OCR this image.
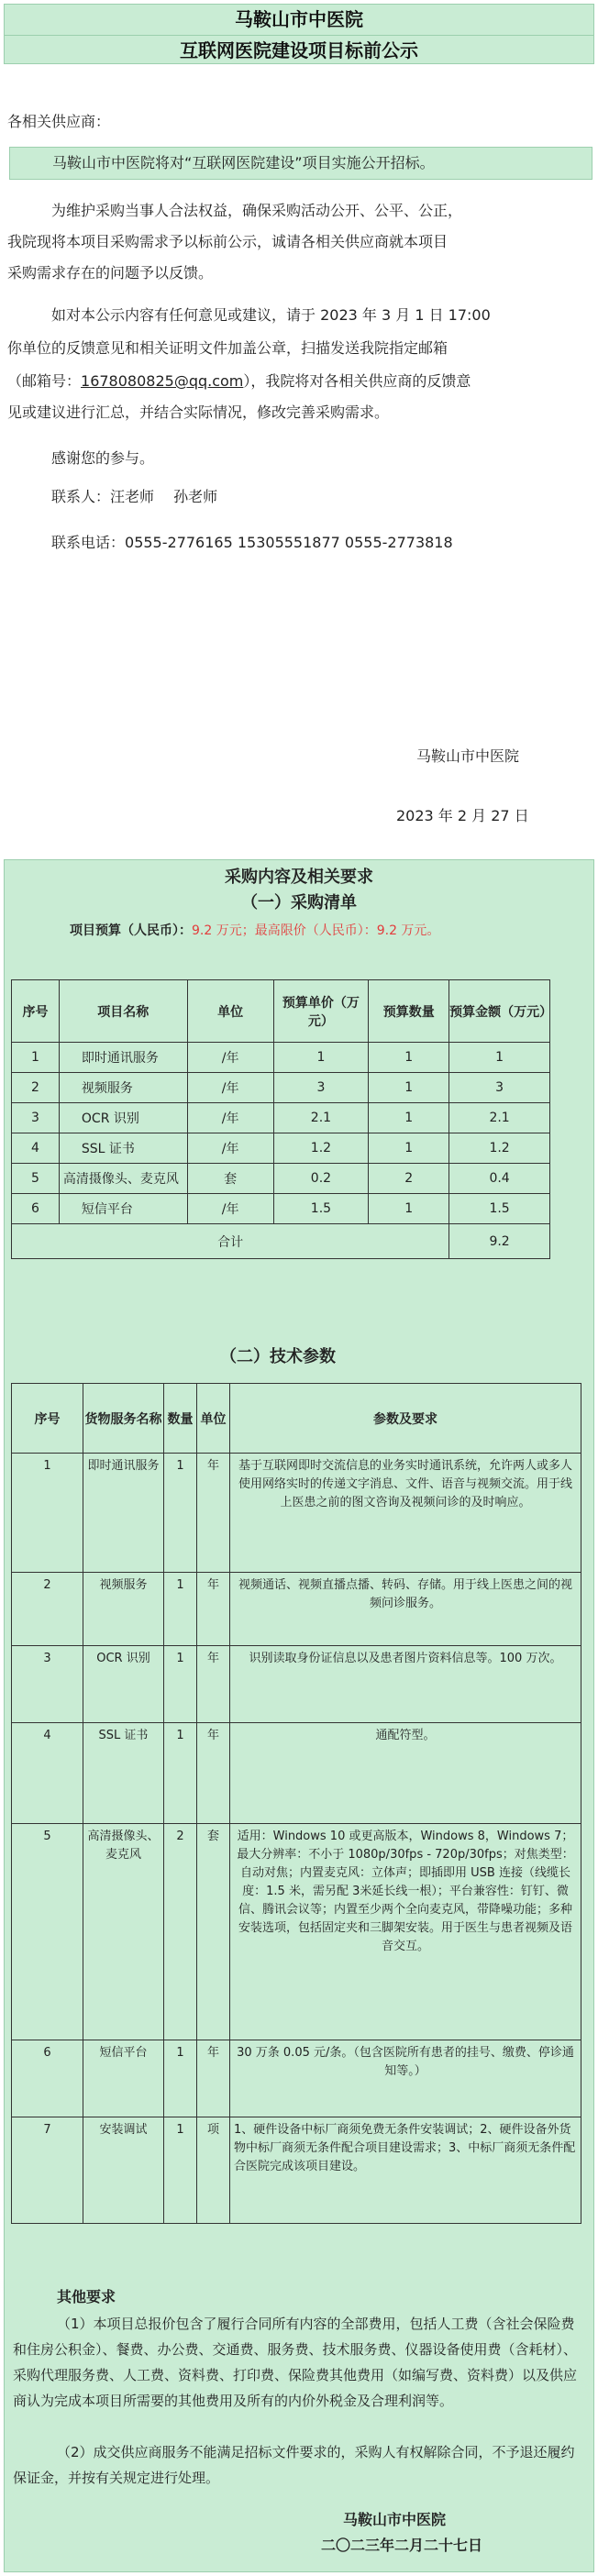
马鞍山市中医院
互联网医院建设项目标前公示
各相关供应商：
马鞍山市中医院将对“互联网医院建设”项目实施公开招标。
为维护采购当事人合法权益，确保采购活动公开、公平、公正，
我院现将本项目采购需求予以标前公示，诚请各相关供应商就本项目
采购需求存在的问题予以反馈。
如对本公示内容有任何意见或建议，请于 2023 年 3 月 1 日 17:00
你单位的反馈意见和相关证明文件加盖公章，扫描发送我院指定邮箱
（邮箱号：1678080825@qq.com），我院将对各相关供应商的反馈意
见或建议进行汇总，并结合实际情况，修改完善采购需求。
感谢您的参与。
联系人：汪老师　 孙老师
联系电话：0555-2776165 15305551877 0555-2773818
马鞍山市中医院
2023 年 2 月 27 日
采购内容及相关要求
（一）采购清单
项目预算（人民币）：9.2 万元；最高限价（人民币）：9.2 万元。
序号	项目名称	单位	预算单价（万元）	预算数量	预算金额（万元）
1	即时通讯服务	/年	1	1	1
2	视频服务	/年	3	1	3
3	OCR 识别	/年	2.1	1	2.1
4	SSL 证书	/年	1.2	1	1.2
5	高清摄像头、麦克风	套	0.2	2	0.4
6	短信平台	/年	1.5	1	1.5
合计					9.2
（二）技术参数
序号	货物服务名称	数量	单位	参数及要求
1	即时通讯服务	1	年	基于互联网即时交流信息的业务实时通讯系统，允许两人或多人使用网络实时的传递文字消息、文件、语音与视频交流。用于线上医患之前的图文咨询及视频问诊的及时响应。
2	视频服务	1	年	视频通话、视频直播点播、转码、存储。用于线上医患之间的视频问诊服务。
3	OCR 识别	1	年	识别读取身份证信息以及患者图片资料信息等。100 万次。
4	SSL 证书	1	年	通配符型。
5	高清摄像头、麦克风	2	套	适用：Windows 10 或更高版本，Windows 8，Windows 7；最大分辨率：不小于 1080p/30fps - 720p/30fps；对焦类型：自动对焦；内置麦克风：立体声；即插即用 USB 连接（线缆长度：1.5 米，需另配 3米延长线一根）；平台兼容性：钉钉、微信、腾讯会议等；内置至少两个全向麦克风，带降噪功能；多种安装选项，包括固定夹和三脚架安装。用于医生与患者视频及语音交互。
6	短信平台	1	年	30 万条 0.05 元/条。（包含医院所有患者的挂号、缴费、停诊通知等。）
7	安装调试	1	项	1、硬件设备中标厂商须免费无条件安装调试；2、硬件设备外货物中标厂商须无条件配合项目建设需求；3、中标厂商须无条件配合医院完成该项目建设。
其他要求
（1）本项目总报价包含了履行合同所有内容的全部费用，包括人工费（含社会保险费和住房公积金）、餐费、办公费、交通费、服务费、技术服务费、仪器设备使用费（含耗材）、采购代理服务费、人工费、资料费、打印费、保险费其他费用（如编写费、资料费）以及供应商认为完成本项目所需要的其他费用及所有的内价外税金及合理利润等。
（2）成交供应商服务不能满足招标文件要求的，采购人有权解除合同，不予退还履约保证金，并按有关规定进行处理。
马鞍山市中医院
二〇二三年二月二十七日
